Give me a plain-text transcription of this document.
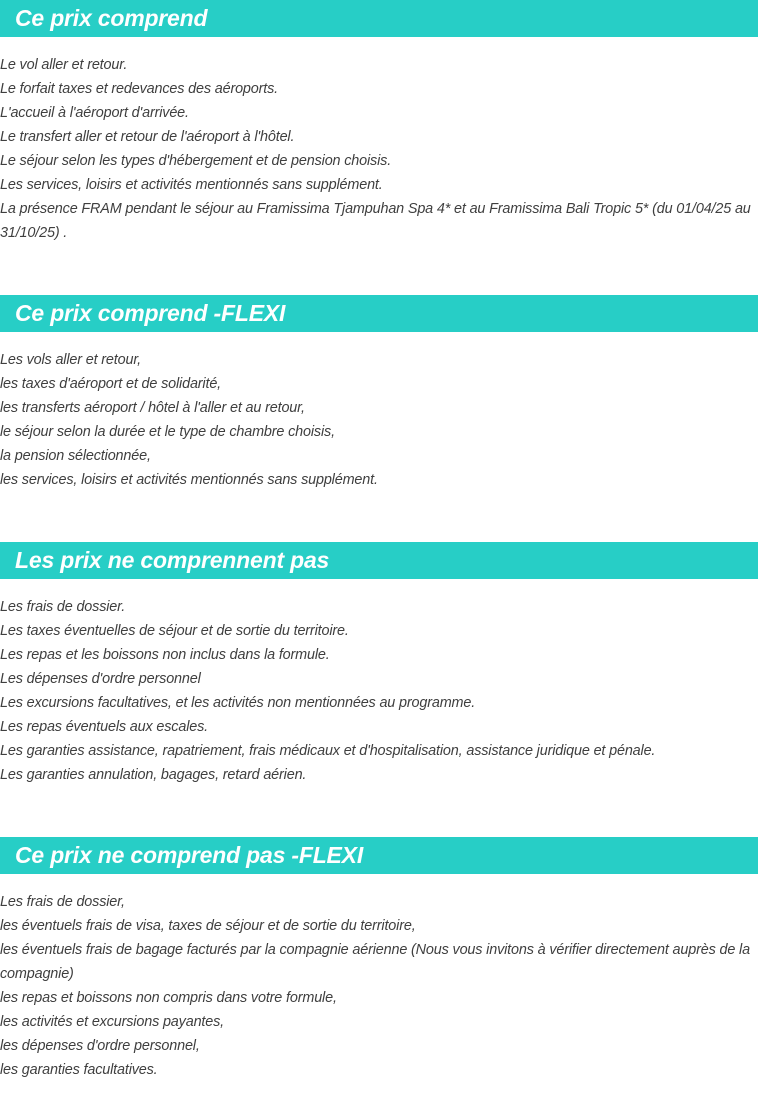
Ce prix comprend
Le vol aller et retour.
Le forfait taxes et redevances des aéroports.
L'accueil à l'aéroport d'arrivée.
Le transfert aller et retour de l'aéroport à l'hôtel.
Le séjour selon les types d'hébergement et de pension choisis.
Les services, loisirs et activités mentionnés sans supplément.
La présence FRAM pendant le séjour au Framissima Tjampuhan Spa 4* et au Framissima Bali Tropic 5* (du 01/04/25 au 31/10/25) .
Ce prix comprend -FLEXI
Les vols aller et retour,
les taxes d'aéroport et de solidarité,
les transferts aéroport / hôtel à l'aller et au retour,
le séjour selon la durée et le type de chambre choisis,
la pension sélectionnée,
les services, loisirs et activités mentionnés sans supplément.
Les prix ne comprennent pas
Les frais de dossier.
Les taxes éventuelles de séjour et de sortie du territoire.
Les repas et les boissons non inclus dans la formule.
Les dépenses d'ordre personnel
Les excursions facultatives, et les activités non mentionnées au programme.
Les repas éventuels aux escales.
Les garanties assistance, rapatriement, frais médicaux et d'hospitalisation, assistance juridique et pénale.
Les garanties annulation, bagages, retard aérien.
Ce prix ne comprend pas -FLEXI
Les frais de dossier,
les éventuels frais de visa, taxes de séjour et de sortie du territoire,
les éventuels frais de bagage facturés par la compagnie aérienne (Nous vous invitons à vérifier directement auprès de la compagnie)
les repas et boissons non compris dans votre formule,
les activités et excursions payantes,
les dépenses d'ordre personnel,
les garanties facultatives.
